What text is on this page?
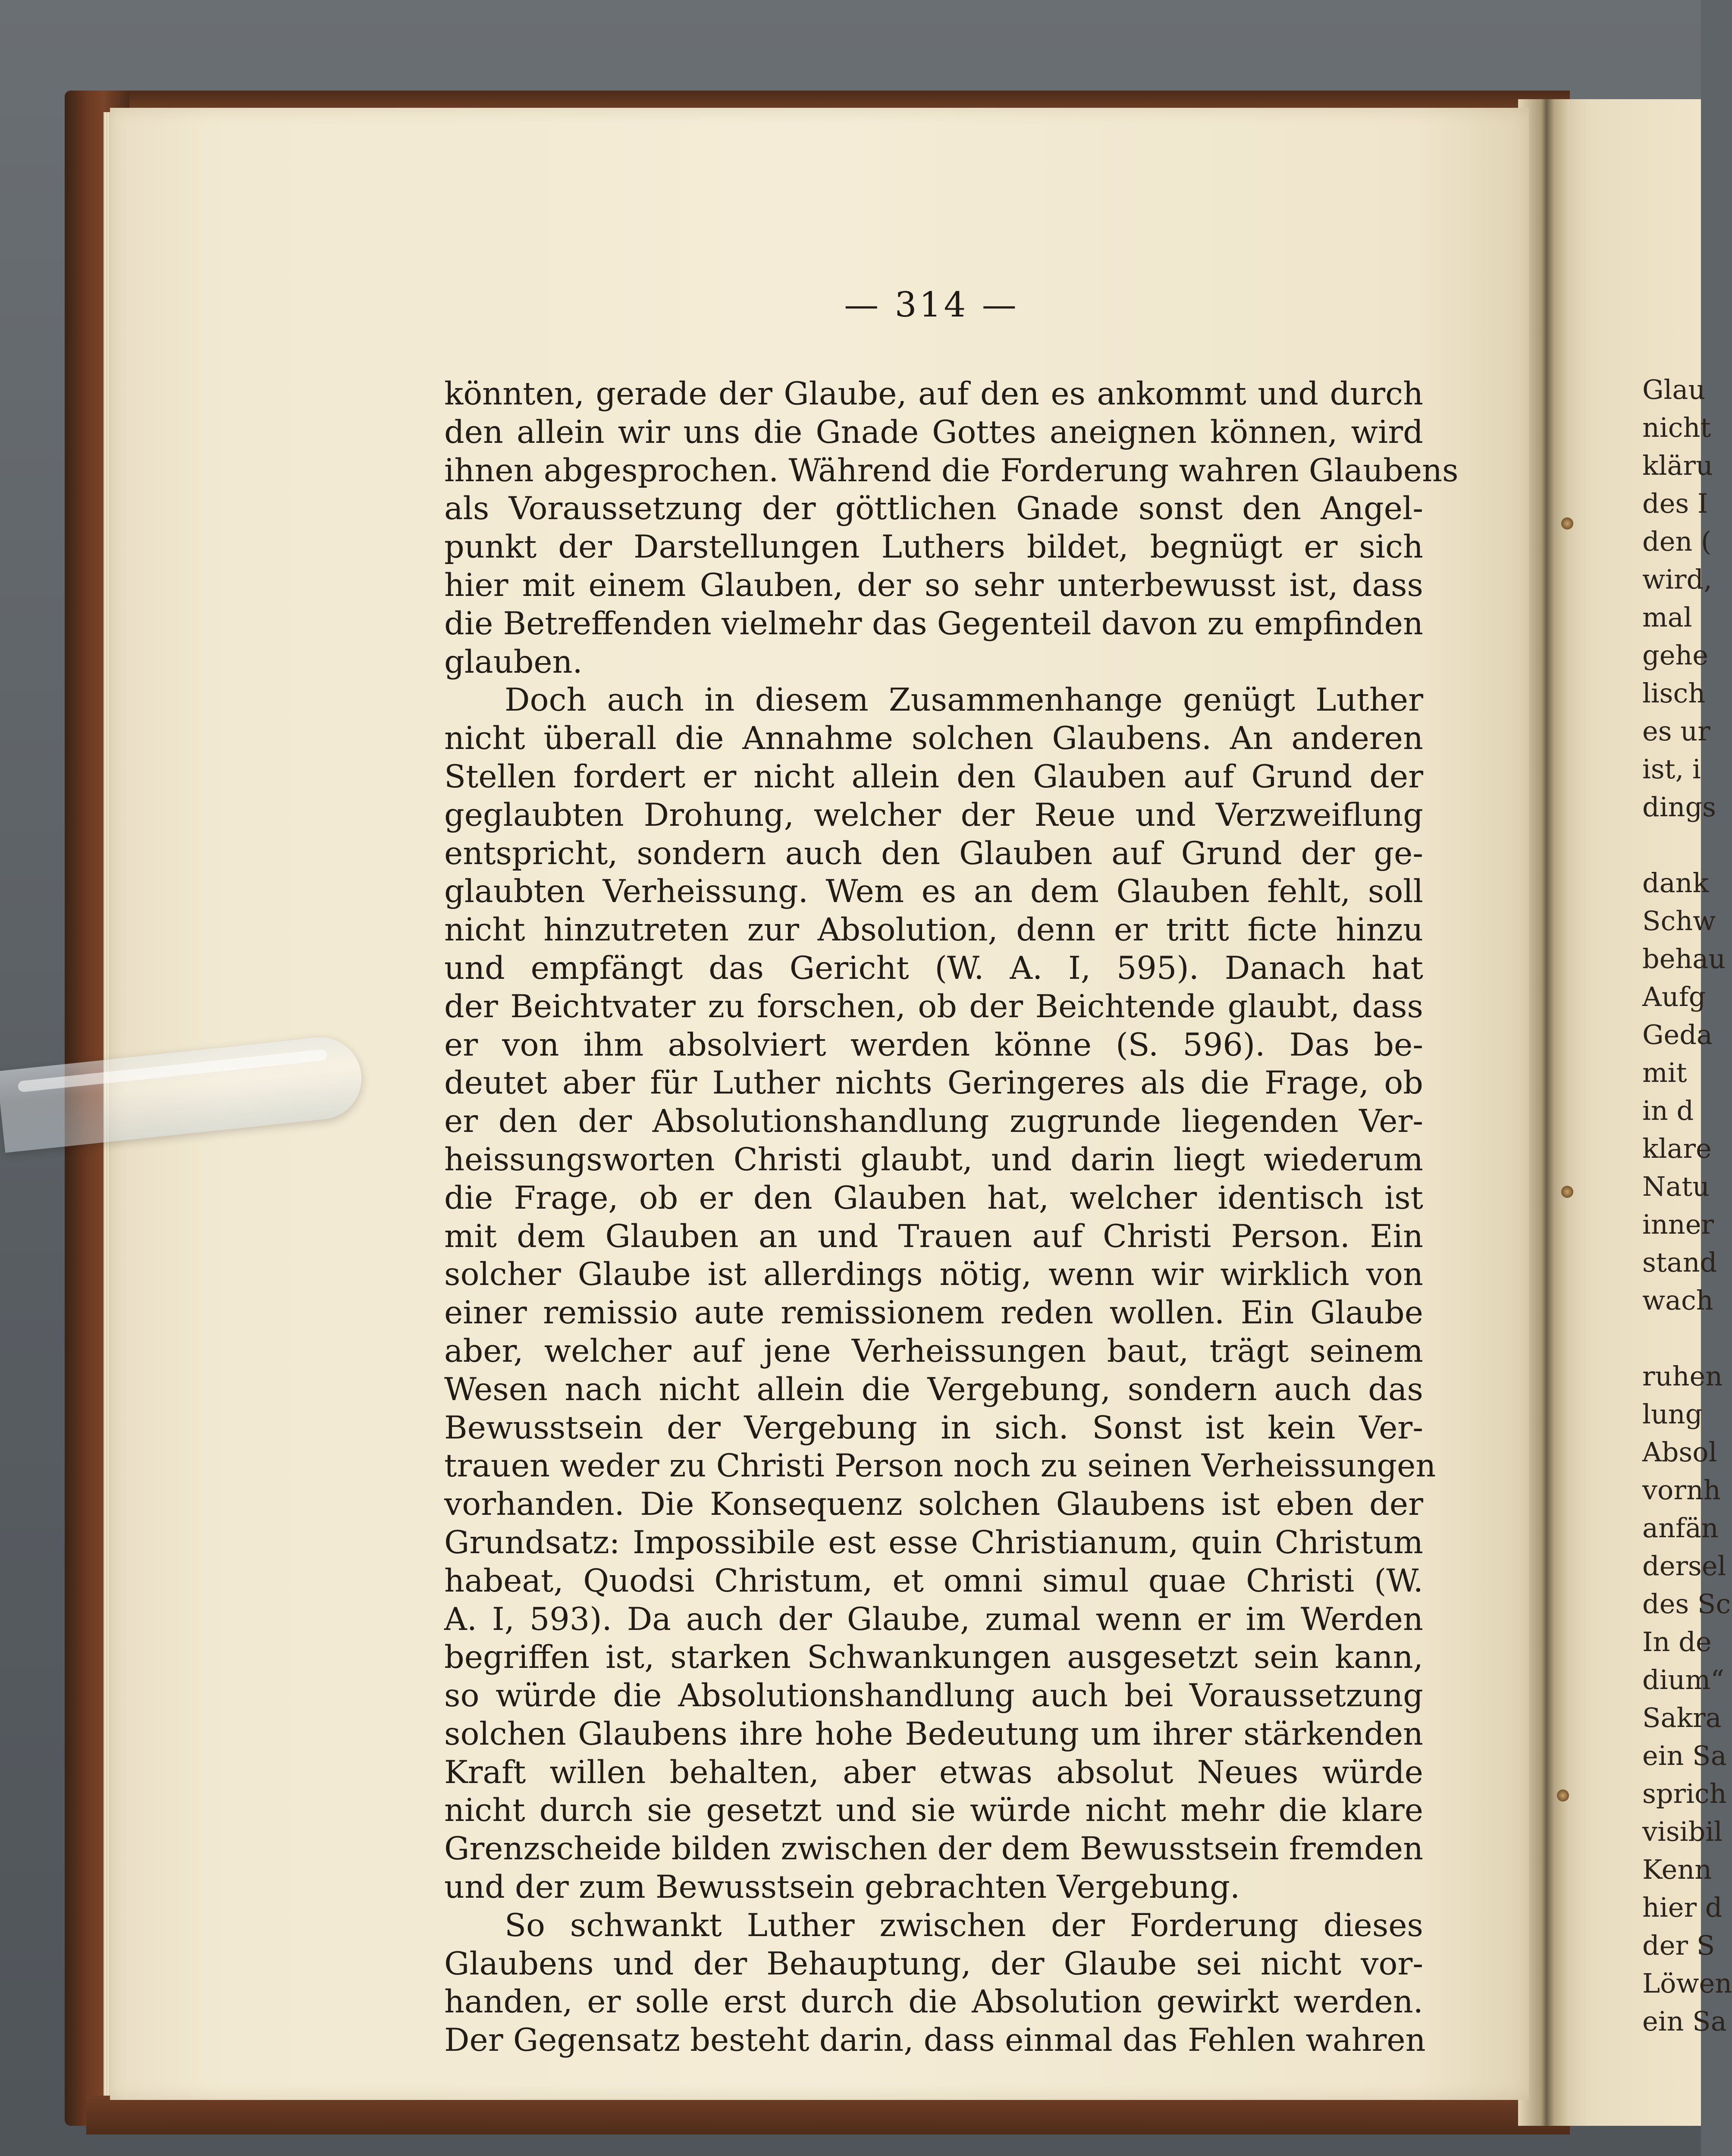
— 314 —
könnten, gerade der Glaube, auf den es ankommt und durch
den allein wir uns die Gnade Gottes aneignen können, wird
ihnen abgesprochen. Während die Forderung wahren Glaubens
als Voraussetzung der göttlichen Gnade sonst den Angel-
punkt der Darstellungen Luthers bildet, begnügt er sich
hier mit einem Glauben, der so sehr unterbewusst ist, dass
die Betreffenden vielmehr das Gegenteil davon zu empfinden
glauben.
Doch auch in diesem Zusammenhange genügt Luther
nicht überall die Annahme solchen Glaubens. An anderen
Stellen fordert er nicht allein den Glauben auf Grund der
geglaubten Drohung, welcher der Reue und Verzweiflung
entspricht, sondern auch den Glauben auf Grund der ge-
glaubten Verheissung. Wem es an dem Glauben fehlt, soll
nicht hinzutreten zur Absolution, denn er tritt ficte hinzu
und empfängt das Gericht (W. A. I, 595). Danach hat
der Beichtvater zu forschen, ob der Beichtende glaubt, dass
er von ihm absolviert werden könne (S. 596). Das be-
deutet aber für Luther nichts Geringeres als die Frage, ob
er den der Absolutionshandlung zugrunde liegenden Ver-
heissungsworten Christi glaubt, und darin liegt wiederum
die Frage, ob er den Glauben hat, welcher identisch ist
mit dem Glauben an und Trauen auf Christi Person. Ein
solcher Glaube ist allerdings nötig, wenn wir wirklich von
einer remissio aute remissionem reden wollen. Ein Glaube
aber, welcher auf jene Verheissungen baut, trägt seinem
Wesen nach nicht allein die Vergebung, sondern auch das
Bewusstsein der Vergebung in sich. Sonst ist kein Ver-
trauen weder zu Christi Person noch zu seinen Verheissungen
vorhanden. Die Konsequenz solchen Glaubens ist eben der
Grundsatz: Impossibile est esse Christianum, quin Christum
habeat, Quodsi Christum, et omni simul quae Christi (W.
A. I, 593). Da auch der Glaube, zumal wenn er im Werden
begriffen ist, starken Schwankungen ausgesetzt sein kann,
so würde die Absolutionshandlung auch bei Voraussetzung
solchen Glaubens ihre hohe Bedeutung um ihrer stärkenden
Kraft willen behalten, aber etwas absolut Neues würde
nicht durch sie gesetzt und sie würde nicht mehr die klare
Grenzscheide bilden zwischen der dem Bewusstsein fremden
und der zum Bewusstsein gebrachten Vergebung.
So schwankt Luther zwischen der Forderung dieses
Glaubens und der Behauptung, der Glaube sei nicht vor-
handen, er solle erst durch die Absolution gewirkt werden.
Der Gegensatz besteht darin, dass einmal das Fehlen wahren
Glau
nicht
kläru
des I
den (
wird,
mal
gehe
lisch
es ur
ist, i
dings
dank
Schw
behau
Aufg
Geda
mit
in d
klare
Natu
inner
stand
wach
ruhen
lung
Absol
vornh
anfän
dersel
des Sc
In de
dium“
Sakra
ein Sa
sprich
visibil
Kenn
hier d
der S
Löwen
ein Sa
